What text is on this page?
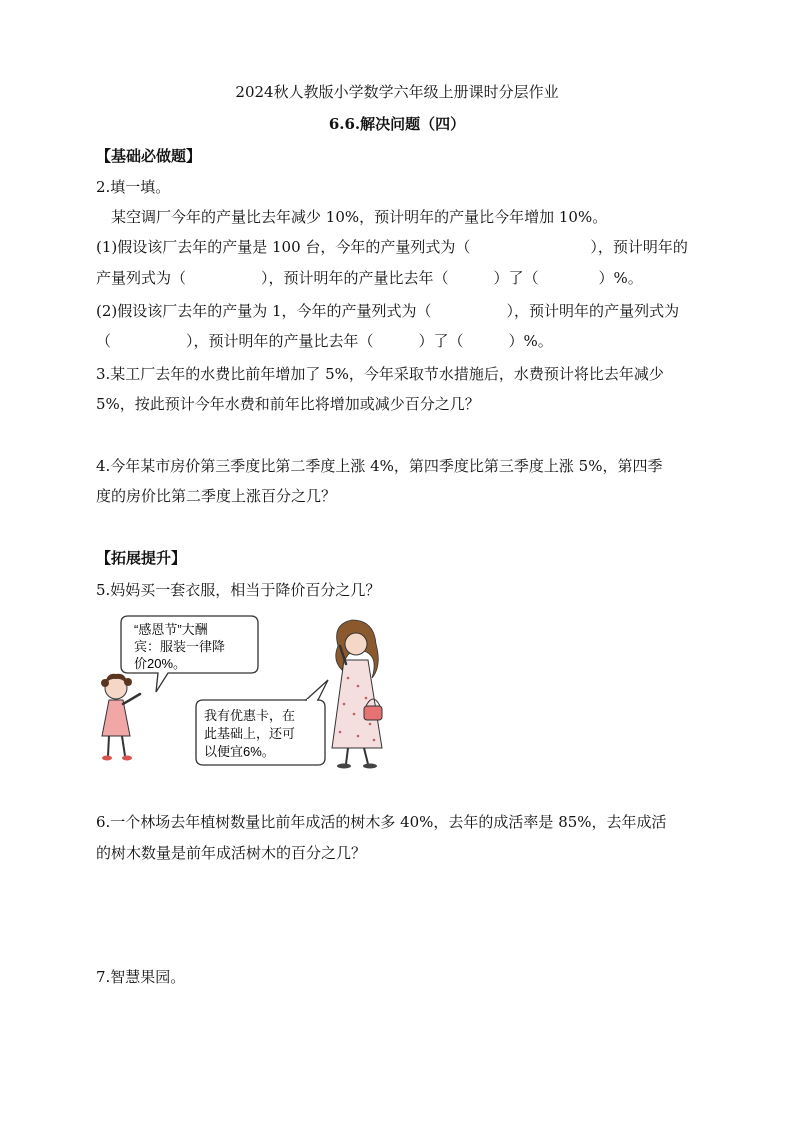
2024秋人教版小学数学六年级上册课时分层作业
6.6.解决问题（四）
【基础必做题】
2.填一填。
某空调厂今年的产量比去年减少 10%，预计明年的产量比今年增加 10%。
(1)假设该厂去年的产量是 100 台，今年的产量列式为（　　　　　　　　），预计明年的
产量列式为（　　　　　），预计明年的产量比去年（　　　）了（　　　　）%。
(2)假设该厂去年的产量为 1，今年的产量列式为（　　　　　），预计明年的产量列式为
（　　　　　），预计明年的产量比去年（　　　）了（　　　）%。
3.某工厂去年的水费比前年增加了 5%，今年采取节水措施后，水费预计将比去年减少
5%，按此预计今年水费和前年比将增加或减少百分之几？
4.今年某市房价第三季度比第二季度上涨 4%，第四季度比第三季度上涨 5%，第四季
度的房价比第二季度上涨百分之几？
【拓展提升】
5.妈妈买一套衣服，相当于降价百分之几？
“感恩节”大酬
宾：服装一律降
价20%。
我有优惠卡，在
此基础上，还可
以便宜6%。
6.一个林场去年植树数量比前年成活的树木多 40%，去年的成活率是 85%，去年成活
的树木数量是前年成活树木的百分之几？
7.智慧果园。
